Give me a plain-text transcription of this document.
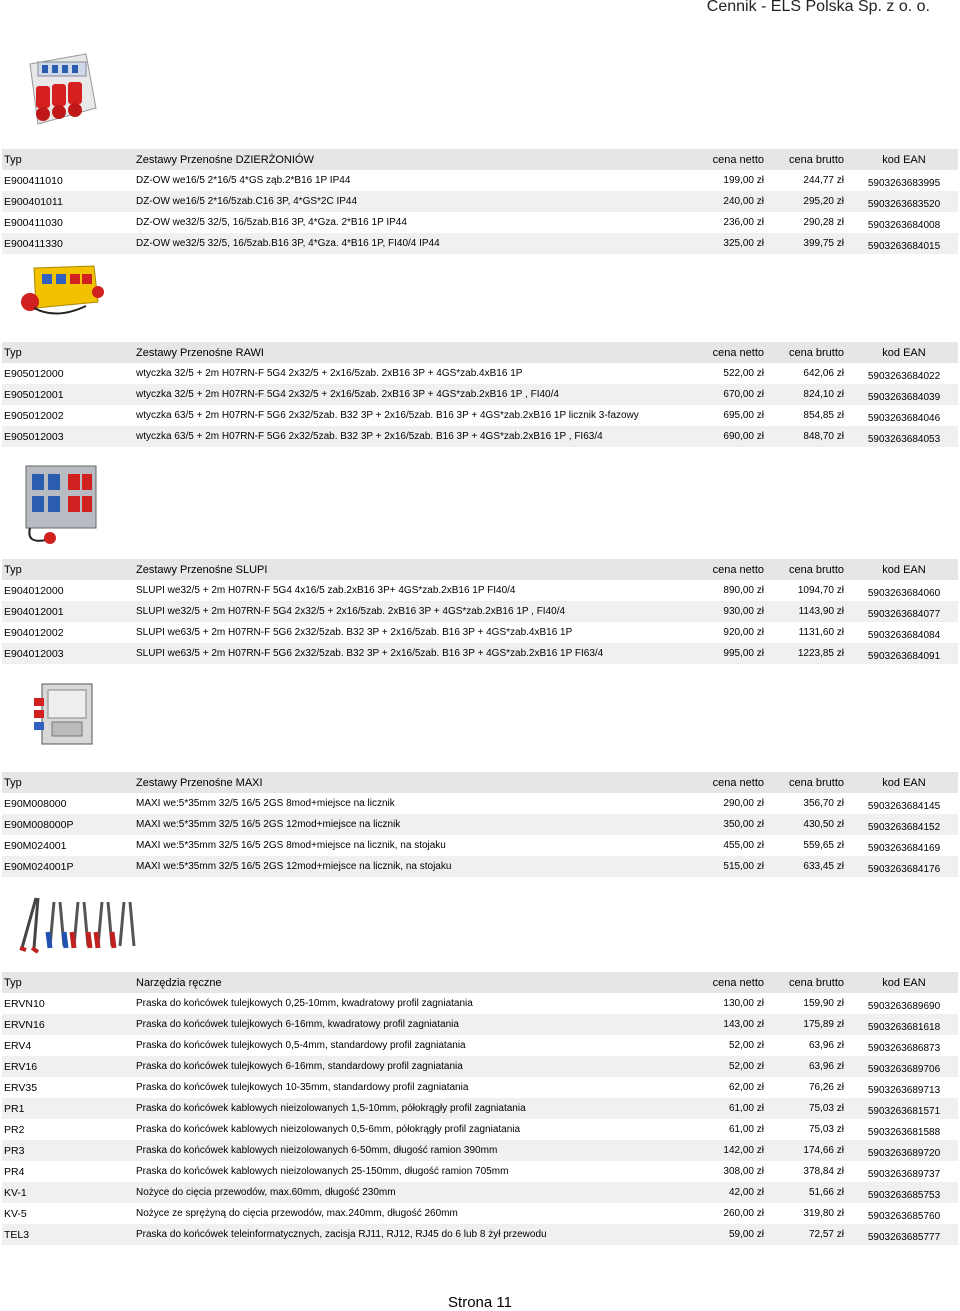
Cennik - ELS Polska Sp. z o. o.
Typ	Zestawy Przenośne DZIERŻONIÓW	cena netto	cena brutto	kod EAN
E900411010	DZ-OW we16/5 2*16/5 4*GS ząb.2*B16 1P IP44	199,00 zł	244,77 zł	5903263683995
E900401011	DZ-OW we16/5 2*16/5zab.C16 3P, 4*GS*2C IP44	240,00 zł	295,20 zł	5903263683520
E900411030	DZ-OW we32/5 32/5, 16/5zab.B16 3P, 4*Gza. 2*B16 1P IP44	236,00 zł	290,28 zł	5903263684008
E900411330	DZ-OW we32/5 32/5, 16/5zab.B16 3P, 4*Gza. 4*B16 1P, FI40/4 IP44	325,00 zł	399,75 zł	5903263684015
Typ	Zestawy Przenośne RAWI	cena netto	cena brutto	kod EAN
E905012000	wtyczka 32/5 + 2m H07RN-F 5G4 2x32/5 + 2x16/5zab. 2xB16 3P + 4GS*zab.4xB16 1P	522,00 zł	642,06 zł	5903263684022
E905012001	wtyczka 32/5 + 2m H07RN-F 5G4 2x32/5 + 2x16/5zab. 2xB16 3P + 4GS*zab.2xB16 1P , FI40/4	670,00 zł	824,10 zł	5903263684039
E905012002	wtyczka 63/5 + 2m H07RN-F 5G6 2x32/5zab. B32 3P + 2x16/5zab. B16 3P + 4GS*zab.2xB16 1P licznik 3-fazowy	695,00 zł	854,85 zł	5903263684046
E905012003	wtyczka 63/5 + 2m H07RN-F 5G6 2x32/5zab. B32 3P + 2x16/5zab. B16 3P + 4GS*zab.2xB16 1P , FI63/4	690,00 zł	848,70 zł	5903263684053
Typ	Zestawy Przenośne SLUPI	cena netto	cena brutto	kod EAN
E904012000	SLUPI we32/5 + 2m H07RN-F 5G4 4x16/5 zab.2xB16 3P+ 4GS*zab.2xB16 1P FI40/4	890,00 zł	1094,70 zł	5903263684060
E904012001	SLUPI we32/5 + 2m H07RN-F 5G4 2x32/5 + 2x16/5zab. 2xB16 3P + 4GS*zab.2xB16 1P , FI40/4	930,00 zł	1143,90 zł	5903263684077
E904012002	SLUPI we63/5 + 2m H07RN-F 5G6 2x32/5zab. B32 3P + 2x16/5zab. B16 3P + 4GS*zab.4xB16 1P	920,00 zł	1131,60 zł	5903263684084
E904012003	SLUPI we63/5 + 2m H07RN-F 5G6 2x32/5zab. B32 3P + 2x16/5zab. B16 3P + 4GS*zab.2xB16 1P FI63/4	995,00 zł	1223,85 zł	5903263684091
Typ	Zestawy Przenośne MAXI	cena netto	cena brutto	kod EAN
E90M008000	MAXI we:5*35mm 32/5 16/5 2GS 8mod+miejsce na licznik	290,00 zł	356,70 zł	5903263684145
E90M008000P	MAXI we:5*35mm 32/5 16/5 2GS 12mod+miejsce na licznik	350,00 zł	430,50 zł	5903263684152
E90M024001	MAXI we:5*35mm 32/5 16/5 2GS 8mod+miejsce na licznik, na stojaku	455,00 zł	559,65 zł	5903263684169
E90M024001P	MAXI we:5*35mm 32/5 16/5 2GS 12mod+miejsce na licznik, na stojaku	515,00 zł	633,45 zł	5903263684176
Typ	Narzędzia ręczne	cena netto	cena brutto	kod EAN
ERVN10	Praska do końcówek tulejkowych 0,25-10mm, kwadratowy profil zagniatania	130,00 zł	159,90 zł	5903263689690
ERVN16	Praska do końcówek tulejkowych 6-16mm, kwadratowy profil zagniatania	143,00 zł	175,89 zł	5903263681618
ERV4	Praska do końcówek tulejkowych 0,5-4mm, standardowy profil zagniatania	52,00 zł	63,96 zł	5903263686873
ERV16	Praska do końcówek tulejkowych 6-16mm, standardowy profil zagniatania	52,00 zł	63,96 zł	5903263689706
ERV35	Praska do końcówek tulejkowych 10-35mm, standardowy profil zagniatania	62,00 zł	76,26 zł	5903263689713
PR1	Praska do końcówek kablowych nieizolowanych 1,5-10mm, półokrągły profil zagniatania	61,00 zł	75,03 zł	5903263681571
PR2	Praska do końcówek kablowych nieizolowanych 0,5-6mm, półokrągły profil zagniatania	61,00 zł	75,03 zł	5903263681588
PR3	Praska do końcówek kablowych nieizolowanych 6-50mm, długość ramion 390mm	142,00 zł	174,66 zł	5903263689720
PR4	Praska do końcówek kablowych nieizolowanych 25-150mm, długość ramion 705mm	308,00 zł	378,84 zł	5903263689737
KV-1	Nożyce do cięcia przewodów, max.60mm, długość 230mm	42,00 zł	51,66 zł	5903263685753
KV-5	Nożyce ze sprężyną do cięcia przewodów, max.240mm, długość 260mm	260,00 zł	319,80 zł	5903263685760
TEL3	Praska do końcówek teleinformatycznych, zacisja RJ11, RJ12, RJ45 do 6 lub 8 żył przewodu	59,00 zł	72,57 zł	5903263685777
Strona 11
